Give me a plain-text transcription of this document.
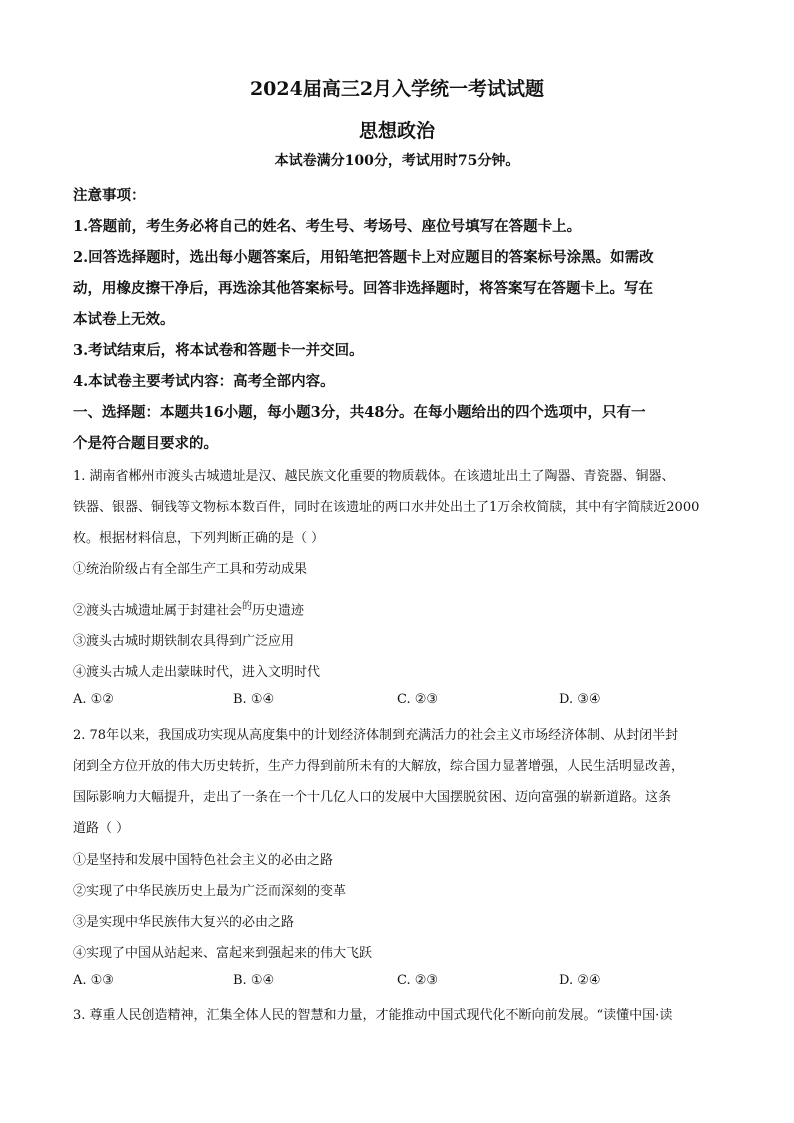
2024届高三2月入学统一考试试题
思想政治
本试卷满分100分，考试用时75分钟。
注意事项：
1.答题前，考生务必将自己的姓名、考生号、考场号、座位号填写在答题卡上。
2.回答选择题时，选出每小题答案后，用铅笔把答题卡上对应题目的答案标号涂黑。如需改
动，用橡皮擦干净后，再选涂其他答案标号。回答非选择题时，将答案写在答题卡上。写在
本试卷上无效。
3.考试结束后，将本试卷和答题卡一并交回。
4.本试卷主要考试内容：高考全部内容。
一、选择题：本题共16小题，每小题3分，共48分。在每小题给出的四个选项中，只有一
个是符合题目要求的。
1. 湖南省郴州市渡头古城遗址是汉、越民族文化重要的物质载体。在该遗址出土了陶器、青瓷器、铜器、
铁器、银器、铜钱等文物标本数百件，同时在该遗址的两口水井处出土了1万余枚简牍，其中有字简牍近2000
枚。根据材料信息，下列判断正确的是（ ）
①统治阶级占有全部生产工具和劳动成果
②渡头古城遗址属于封建社会$^的$历史遗迹
③渡头古城时期铁制农具得到广泛应用
④渡头古城人走出蒙昧时代，进入文明时代
A. ①②	B. ①④	C. ②③	D. ③④
2. 78年以来，我国成功实现从高度集中的计划经济体制到充满活力的社会主义市场经济体制、从封闭半封
闭到全方位开放的伟大历史转折，生产力得到前所未有的大解放，综合国力显著增强，人民生活明显改善，
国际影响力大幅提升，走出了一条在一个十几亿人口的发展中大国摆脱贫困、迈向富强的崭新道路。这条
道路（ ）
①是坚持和发展中国特色社会主义的必由之路
②实现了中华民族历史上最为广泛而深刻的变革
③是实现中华民族伟大复兴的必由之路
④实现了中国从站起来、富起来到强起来的伟大飞跃
A. ①③	B. ①④	C. ②③	D. ②④
3. 尊重人民创造精神，汇集全体人民的智慧和力量，才能推动中国式现代化不断向前发展。“读懂中国·读
